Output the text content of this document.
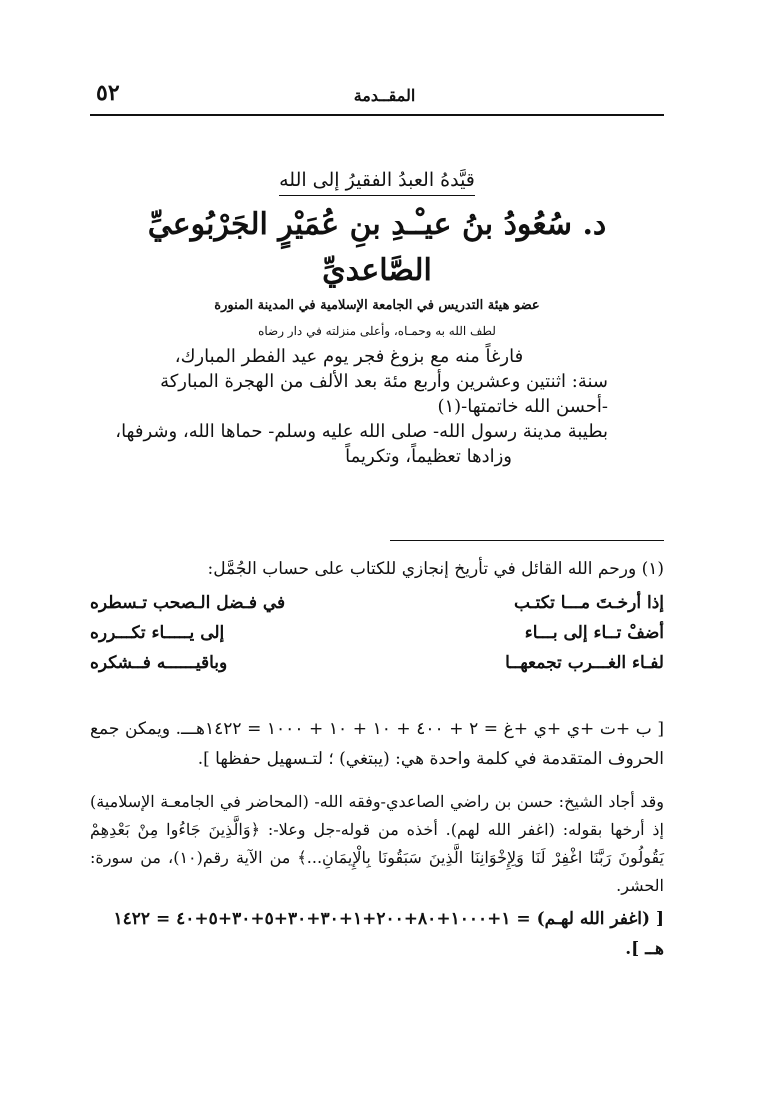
٥٢	المقــدمة
قيَّدهُ العبدُ الفقيرُ إلى الله
د. سُعُودُ بنُ عيـْـدِ بنِ عُمَيْرٍ الجَرْبُوعيِّ الصَّاعديِّ
عضو هيئة التدريس في الجامعة الإسلامية في المدينة المنورة
لطف الله به وحمـاه، وأعلى منزلته في دار رضاه
فارغاً منه مع بزوغ فجر يوم عيد الفطر المبارك،
سنة: اثنتين وعشرين وأربع مئة بعد الألف من الهجرة المباركة
-أحسن الله خاتمتها-(١)
بطيبة مدينة رسول الله- صلى الله عليه وسلم- حماها الله، وشرفها،
وزادها تعظيماً، وتكريماً
(١) ورحم الله القائل في تأريخ إنجازي للكتاب على حساب الجُمَّل:
إذا أرخـتَ مـــا تكتـب
في فـضل الـصحب تـسطره
أضفْ تــاء إلى بـــاء
إلى يـــــاء تكـــرره
لفـاء الغـــرب تجمعهــا
وباقيــــــه فــشكره
[ ب +ت +ي +ي +غ = ٢ + ٤٠٠ + ١٠ + ١٠ + ١٠٠٠ = ١٤٢٢هـــ. ويمكن جمع الحروف المتقدمة في كلمة واحدة هي: (يبتغي) ؛ لتـسهيل حفظها ].
وقد أجاد الشيخ: حسن بن راضي الصاعدي-وفقه الله- (المحاضر في الجامعـة الإسلامية) إذ أرخها بقوله: (اغفر الله لهم). أخذه من قوله-جل وعلا-: ﴿وَالَّذِينَ جَاءُوا مِنْ بَعْدِهِمْ يَقُولُونَ رَبَّنَا اغْفِرْ لَنَا وَلِإِخْوَانِنَا الَّذِينَ سَبَقُونَا بِالْإِيمَانِ...﴾ من الآية رقم(١٠)، من سورة: الحشر.
[ (اغفر الله لهـم) = ١+١٠٠٠+٨٠+٢٠٠+١+٣٠+٣٠+٥+٣٠+٥+٤٠ = ١٤٢٢ هــ ].
